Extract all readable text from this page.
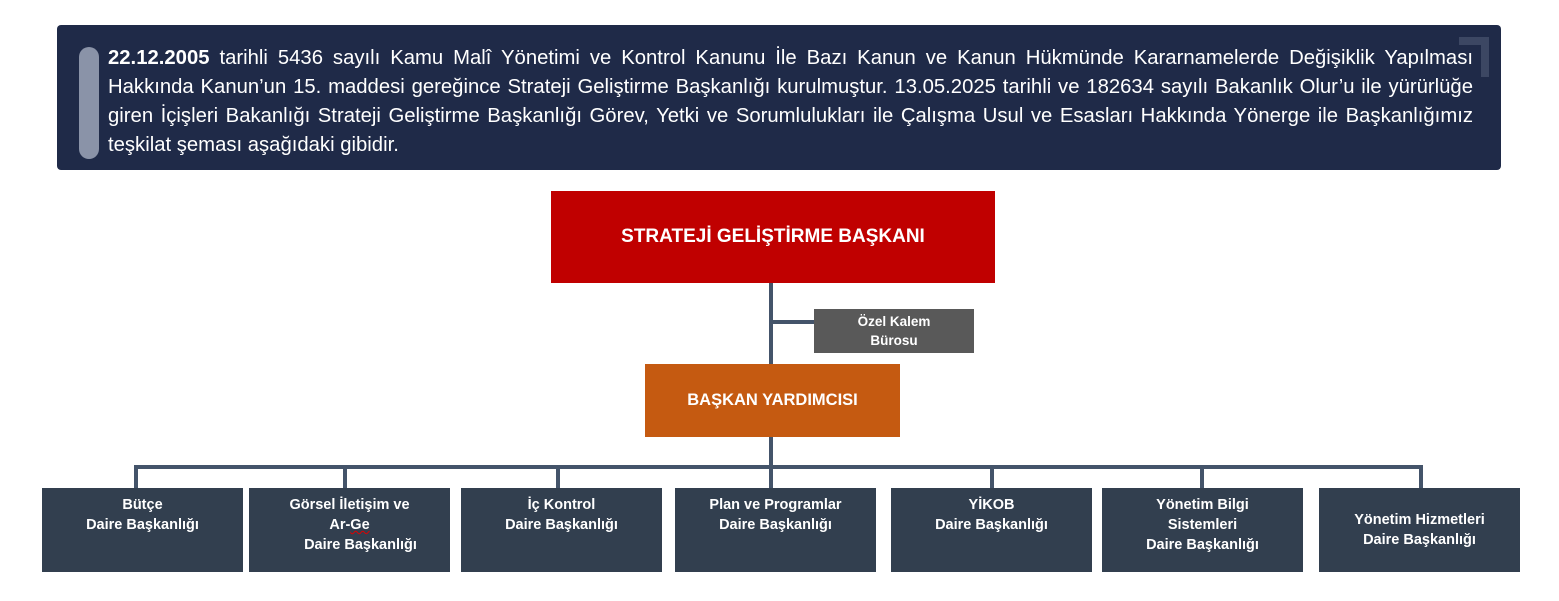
22.12.2005 tarihli 5436 sayılı Kamu Malî Yönetimi ve Kontrol Kanunu İle Bazı Kanun ve Kanun Hükmünde Kararnamelerde Değişiklik Yapılması Hakkında Kanun’un 15. maddesi gereğince Strateji Geliştirme Başkanlığı kurulmuştur. 13.05.2025 tarihli ve 182634 sayılı Bakanlık Olur’u ile yürürlüğe giren İçişleri Bakanlığı Strateji Geliştirme Başkanlığı Görev, Yetki ve Sorumlulukları ile Çalışma Usul ve Esasları Hakkında Yönerge ile Başkanlığımız teşkilat şeması aşağıdaki gibidir.

STRATEJİ GELİŞTİRME BAŞKANI
Özel Kalem
Bürosu
BAŞKAN YARDIMCISI
Bütçe
Daire Başkanlığı
Görsel İletişim ve
Ar-Ge
Daire Başkanlığı
İç Kontrol
Daire Başkanlığı
Plan ve Programlar
Daire Başkanlığı
YİKOB
Daire Başkanlığı
Yönetim Bilgi
Sistemleri
Daire Başkanlığı
Yönetim Hizmetleri
Daire Başkanlığı
